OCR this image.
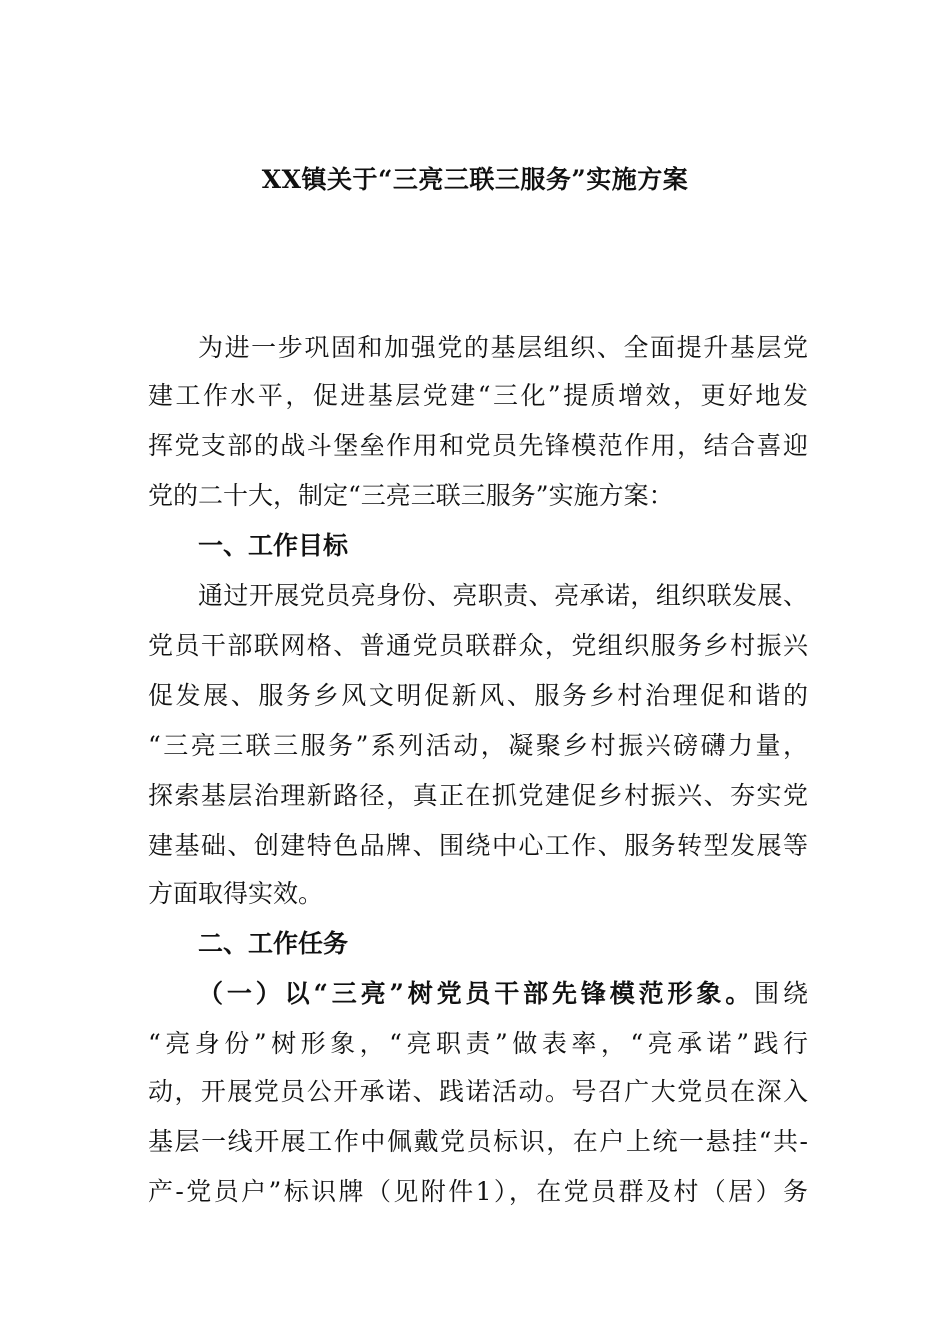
XX镇关于“三亮三联三服务”实施方案
为进一步巩固和加强党的基层组织、全面提升基层党
建工作水平，促进基层党建“三化”提质增效，更好地发
挥党支部的战斗堡垒作用和党员先锋模范作用，结合喜迎
党的二十大，制定“三亮三联三服务”实施方案：
一、工作目标
通过开展党员亮身份、亮职责、亮承诺，组织联发展、
党员干部联网格、普通党员联群众，党组织服务乡村振兴
促发展、服务乡风文明促新风、服务乡村治理促和谐的
“三亮三联三服务”系列活动，凝聚乡村振兴磅礴力量，
探索基层治理新路径，真正在抓党建促乡村振兴、夯实党
建基础、创建特色品牌、围绕中心工作、服务转型发展等
方面取得实效。
二、工作任务
（一）以“三亮”树党员干部先锋模范形象。围绕
“亮身份”树形象，“亮职责”做表率，“亮承诺”践行
动，开展党员公开承诺、践诺活动。号召广大党员在深入
基层一线开展工作中佩戴党员标识，在户上统一悬挂“共-
产-党员户”标识牌（见附件1），在党员群及村（居）务
